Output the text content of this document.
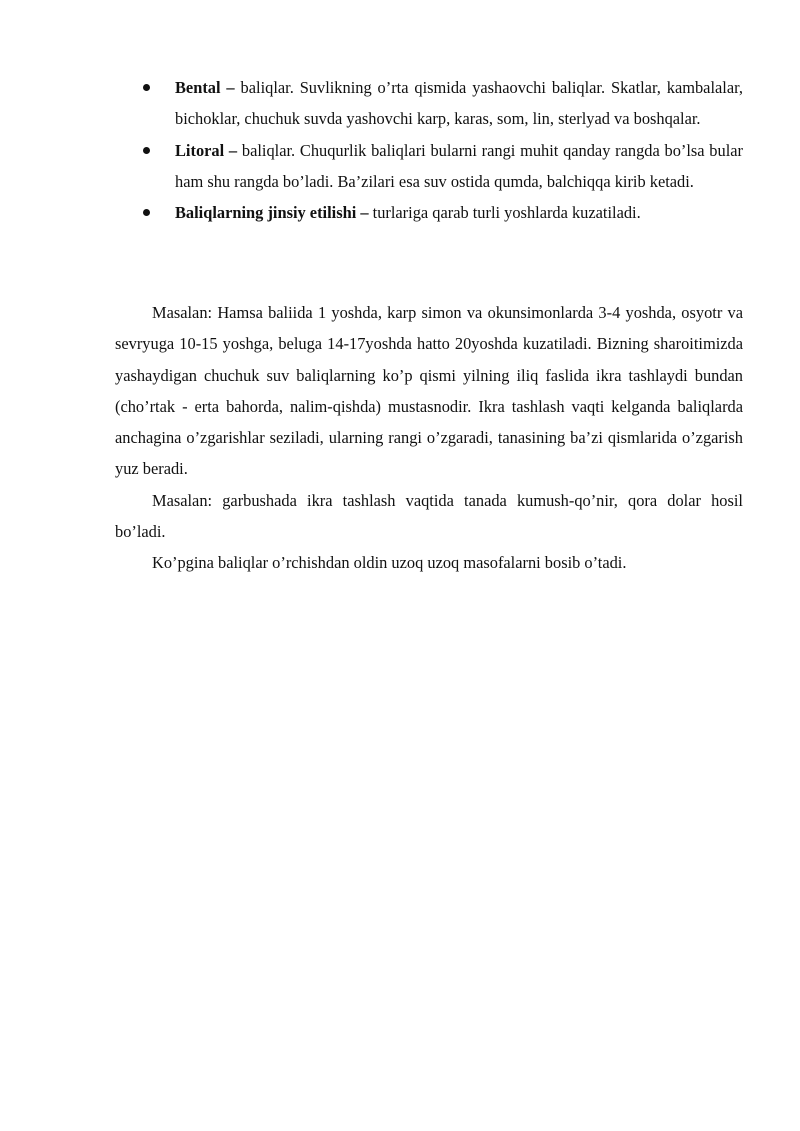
Bental – baliqlar. Suvlikning o’rta qismida yashaovchi baliqlar. Skatlar, kambalalar, bichoklar, chuchuk suvda yashovchi karp, karas, som, lin, sterlyad va boshqalar.
Litoral – baliqlar. Chuqurlik baliqlari bularni rangi muhit qanday rangda bo’lsa bular ham shu rangda bo’ladi. Ba’zilari esa suv ostida qumda, balchiqqa kirib ketadi.
Baliqlarning jinsiy etilishi – turlariga qarab turli yoshlarda kuzatiladi.

Masalan: Hamsa baliida 1 yoshda, karp simon va okunsimonlarda 3-4 yoshda, osyotr va sevryuga 10-15 yoshga, beluga 14-17yoshda hatto 20yoshda kuzatiladi. Bizning sharoitimizda yashaydigan chuchuk suv baliqlarning ko’p qismi yilning iliq faslida ikra tashlaydi bundan (cho’rtak - erta bahorda, nalim-qishda) mustasnodir. Ikra tashlash vaqti kelganda baliqlarda anchagina o’zgarishlar seziladi, ularning rangi o’zgaradi, tanasining ba’zi qismlarida o’zgarish yuz beradi.

Masalan: garbushada ikra tashlash vaqtida tanada kumush-qo’nir, qora dolar hosil bo’ladi.

Ko’pgina baliqlar o’rchishdan oldin uzoq uzoq masofalarni bosib o’tadi.
